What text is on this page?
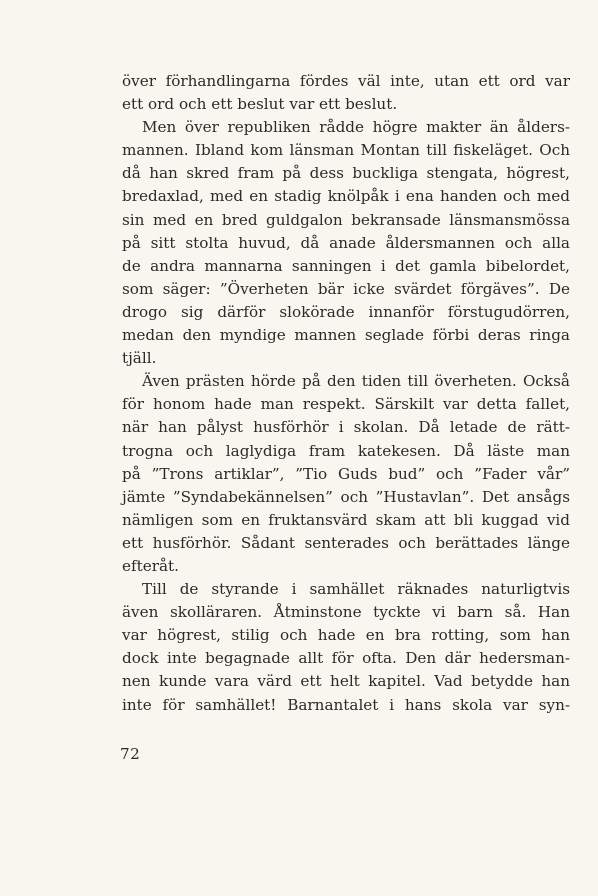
över förhandlingarna fördes väl inte, utan ett ord var
ett ord och ett beslut var ett beslut.
Men över republiken rådde högre makter än ålders-
mannen. Ibland kom länsman Montan till fiskeläget. Och
då han skred fram på dess buckliga stengata, högrest,
bredaxlad, med en stadig knölpåk i ena handen och med
sin med en bred guldgalon bekransade länsmansmössa
på sitt stolta huvud, då anade åldersmannen och alla
de andra mannarna sanningen i det gamla bibelordet,
som säger: ”Överheten bär icke svärdet förgäves”. De
drogo sig därför slokörade innanför förstugudörren,
medan den myndige mannen seglade förbi deras ringa
tjäll.
Även prästen hörde på den tiden till överheten. Också
för honom hade man respekt. Särskilt var detta fallet,
när han pålyst husförhör i skolan. Då letade de rätt-
trogna och laglydiga fram katekesen. Då läste man
på ”Trons artiklar”, ”Tio Guds bud” och ”Fader vår”
jämte ”Syndabekännelsen” och ”Hustavlan”. Det ansågs
nämligen som en fruktansvärd skam att bli kuggad vid
ett husförhör. Sådant senterades och berättades länge
efteråt.
Till de styrande i samhället räknades naturligtvis
även skolläraren. Åtminstone tyckte vi barn så. Han
var högrest, stilig och hade en bra rotting, som han
dock inte begagnade allt för ofta. Den där hedersman-
nen kunde vara värd ett helt kapitel. Vad betydde han
inte för samhället! Barnantalet i hans skola var syn-
72
